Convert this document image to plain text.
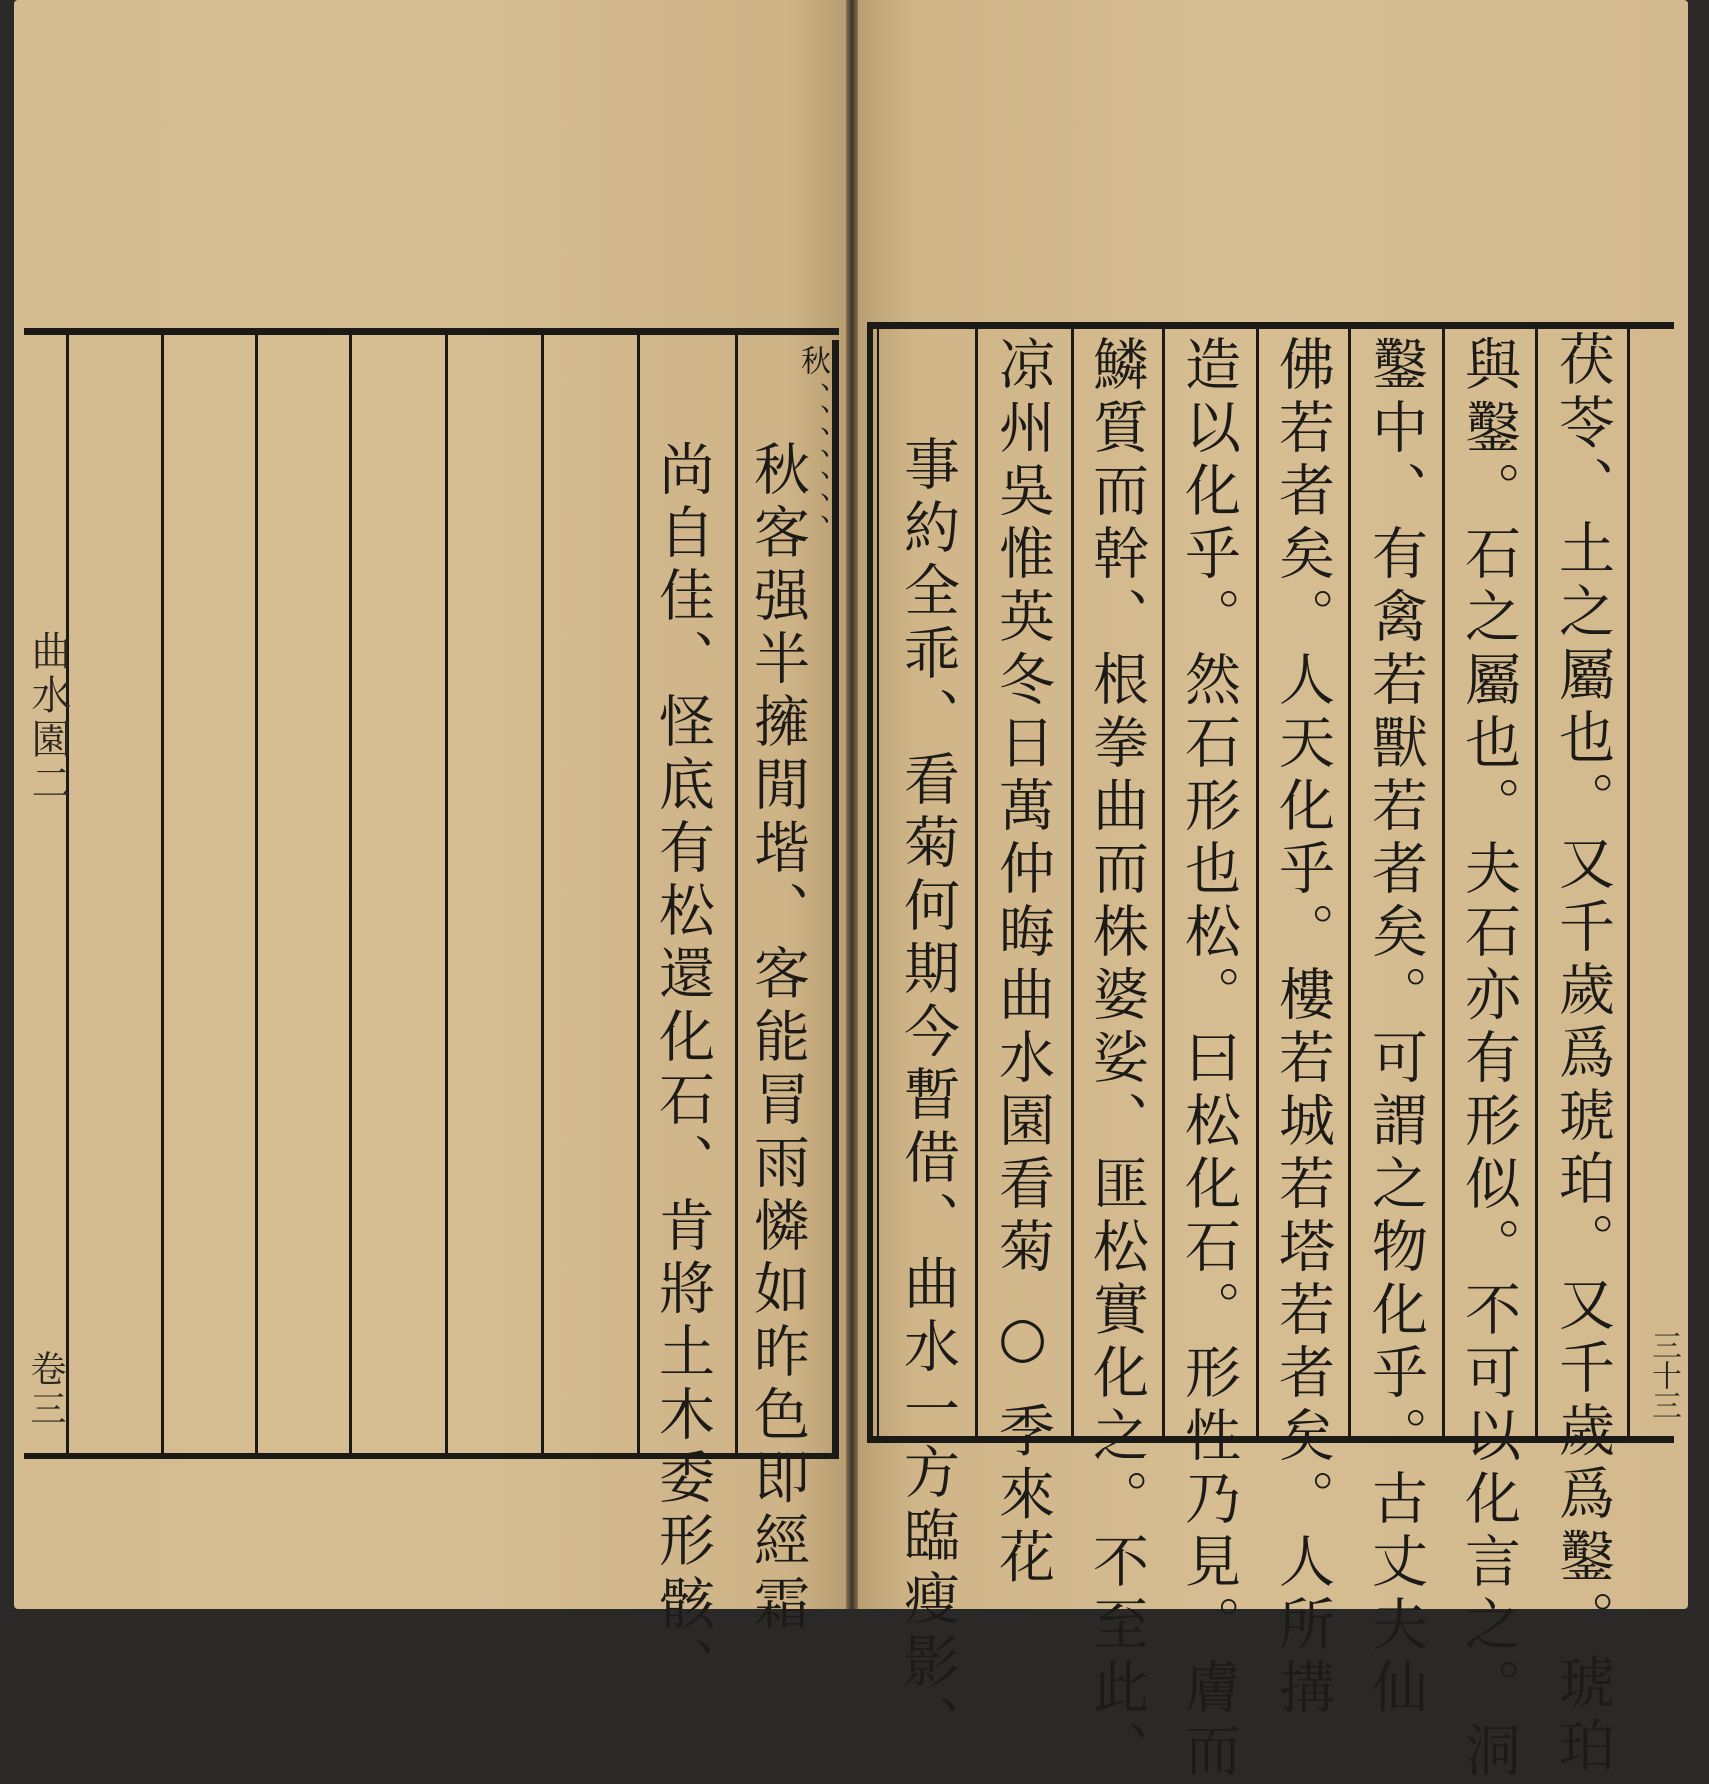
曲水園二
卷三
秋、、、、、、、
秋客强半擁閒堦、客能冐雨憐如昨色即經霜
尚自佳、怪底有松還化石、肯將土木委形骸、	茯苓、土之屬也。又千歲爲琥珀。又千歲爲鑿。琥珀
與鑿。石之屬也。夫石亦有形似。不可以化言之。洞
鑿中、有禽若獸若者矣。可謂之物化乎。古丈夫仙
佛若者矣。人天化乎。樓若城若塔若者矣。人所搆
造以化乎。然石形也松。曰松化石。形性乃見。膚而
鱗質而幹、根拳曲而株婆娑、匪松實化之。不至此、
凉州吳惟英冬日萬仲晦曲水園看菊 ○ 季來花
事約全乖、看菊何期今暫借、曲水一方臨瘦影、	三十三
